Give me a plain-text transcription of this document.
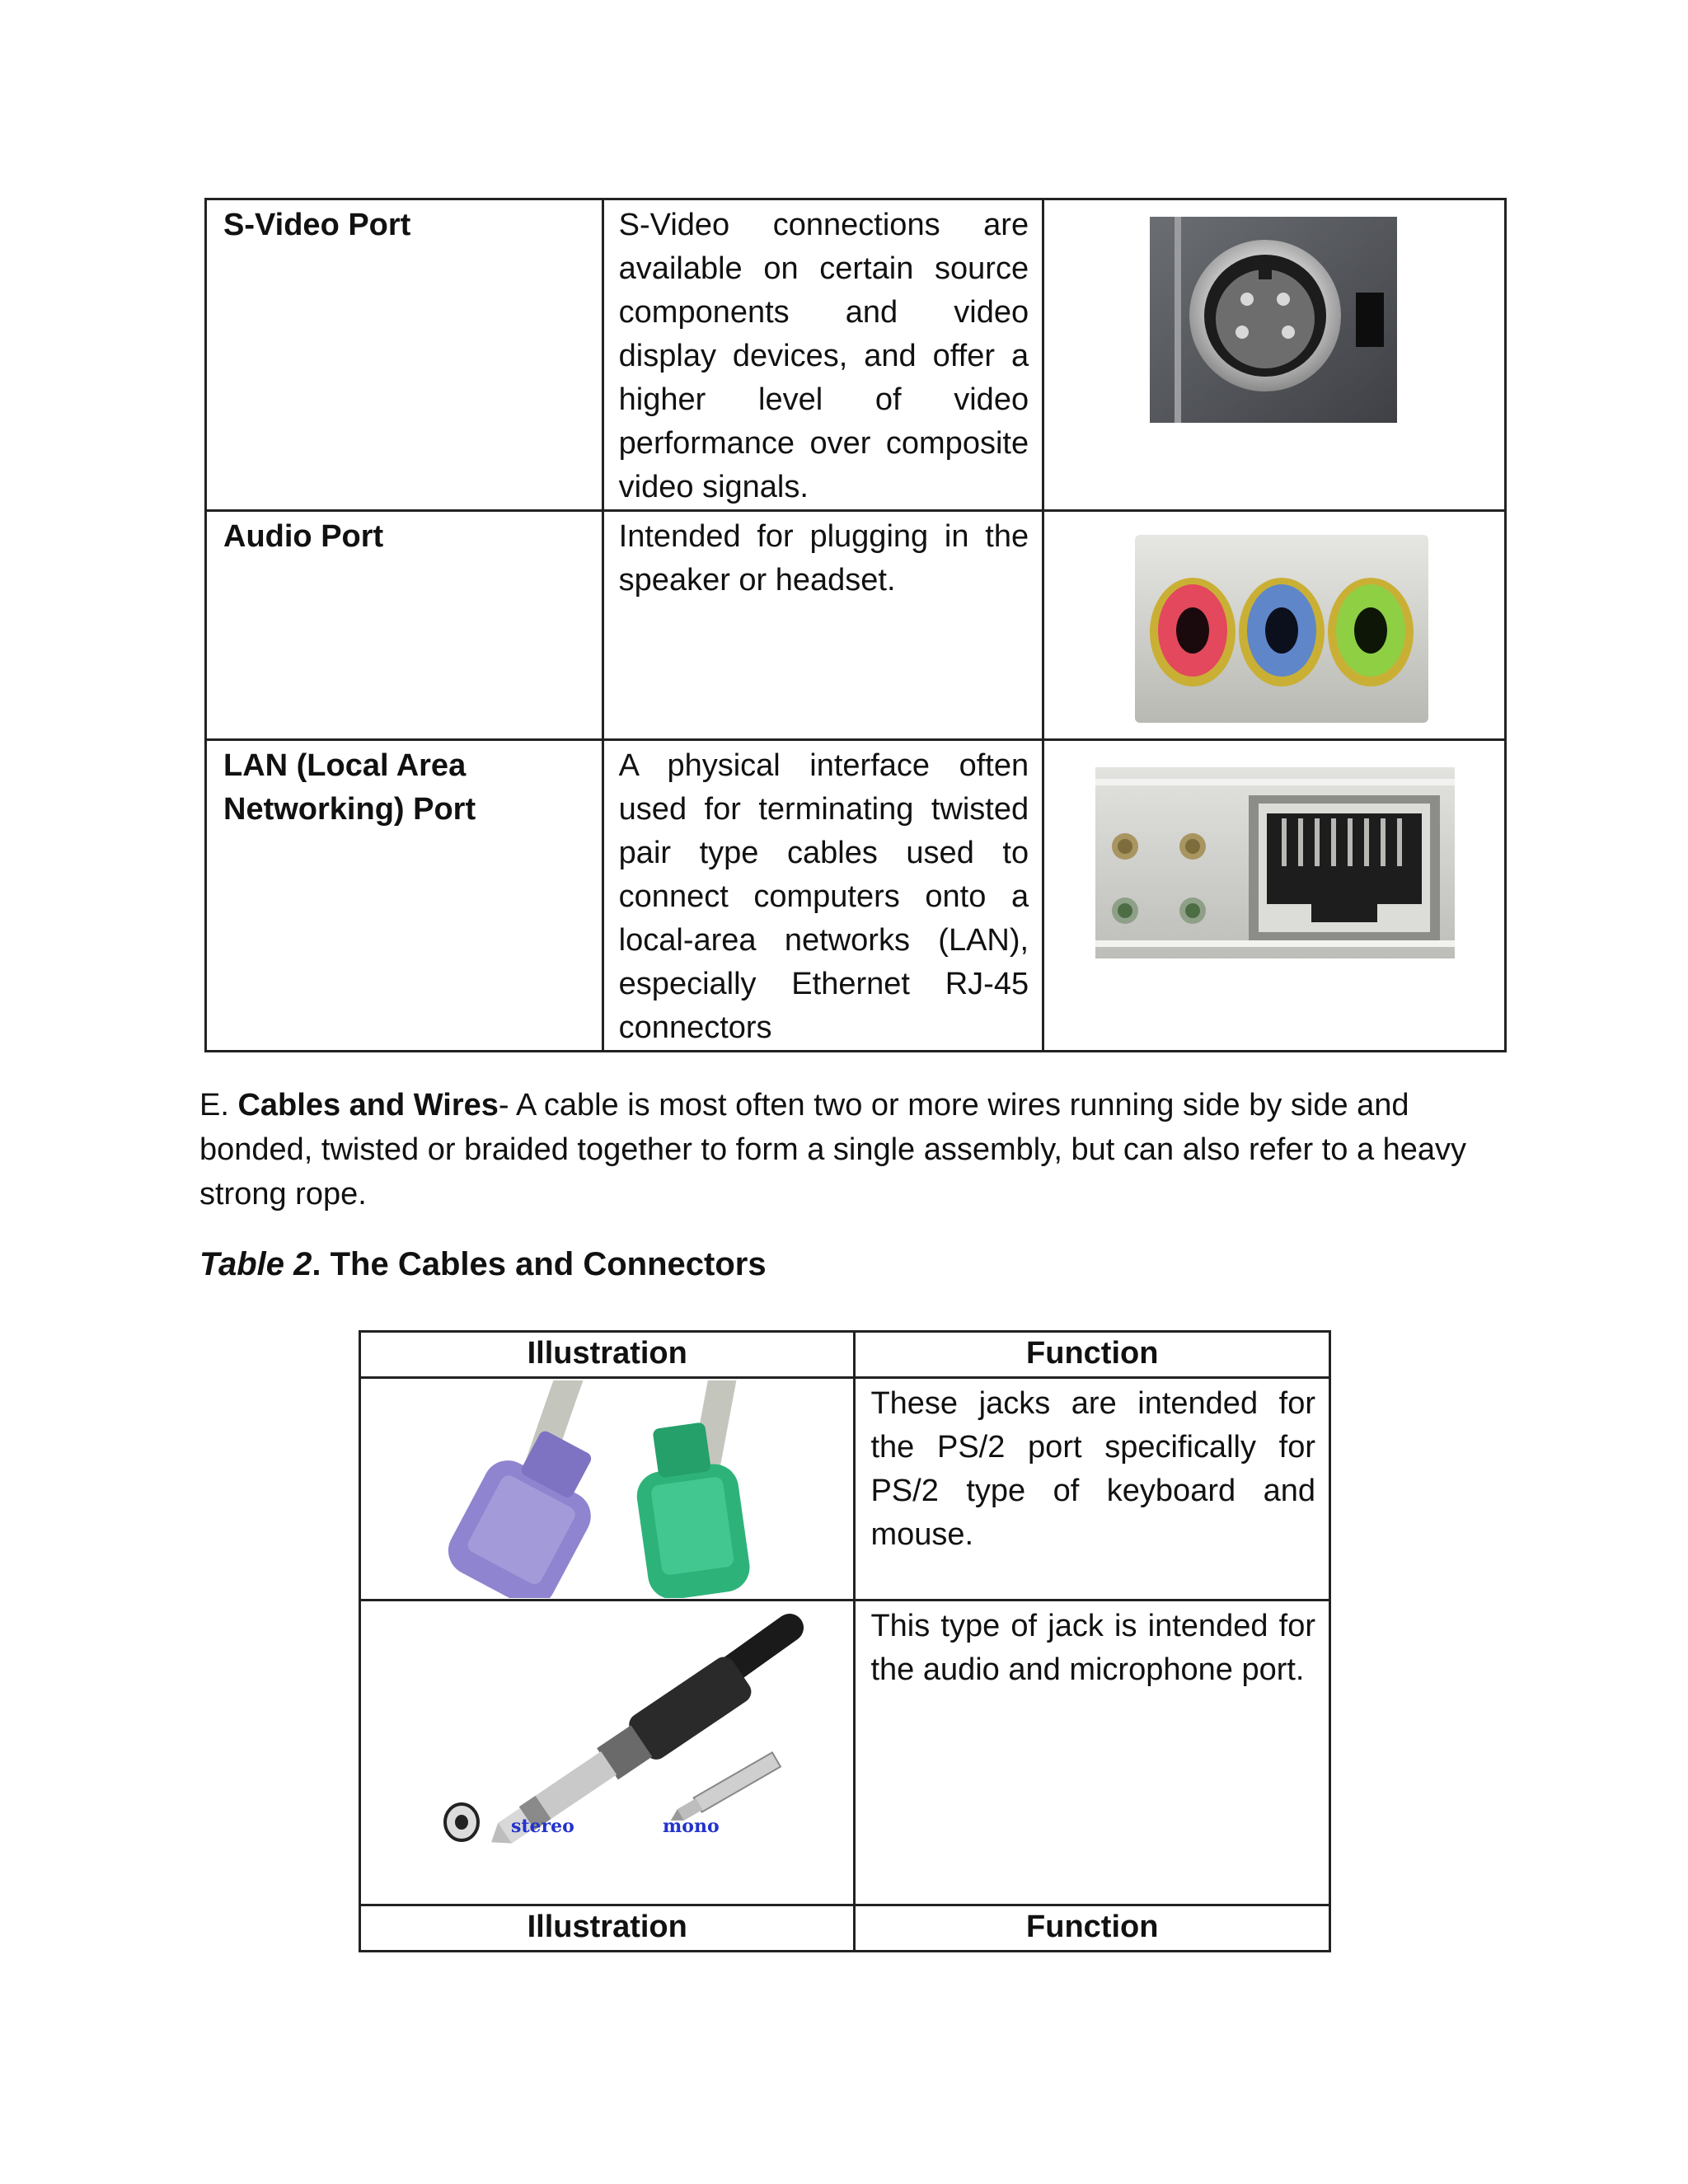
S-Video Port	S-Video connections are available on certain source components and video display devices, and offer a higher level of video performance over composite video signals.

Audio Port	Intended for plugging in the speaker or headset.

LAN (Local Area
Networking) Port	A physical interface often used for terminating twisted pair type cables used to connect computers onto a local-area networks (LAN), especially Ethernet RJ-45 connectors

E. Cables and Wires- A cable is most often two or more wires running side by side and bonded, twisted or braided together to form a single assembly, but can also refer to a heavy strong rope.
Table 2. The Cables and Connectors
Illustration	Function

These jacks are intended for the PS/2 port specifically for PS/2 type of keyboard and mouse.

stereo mono	This type of jack is intended for the audio and microphone port.

Illustration	Function
